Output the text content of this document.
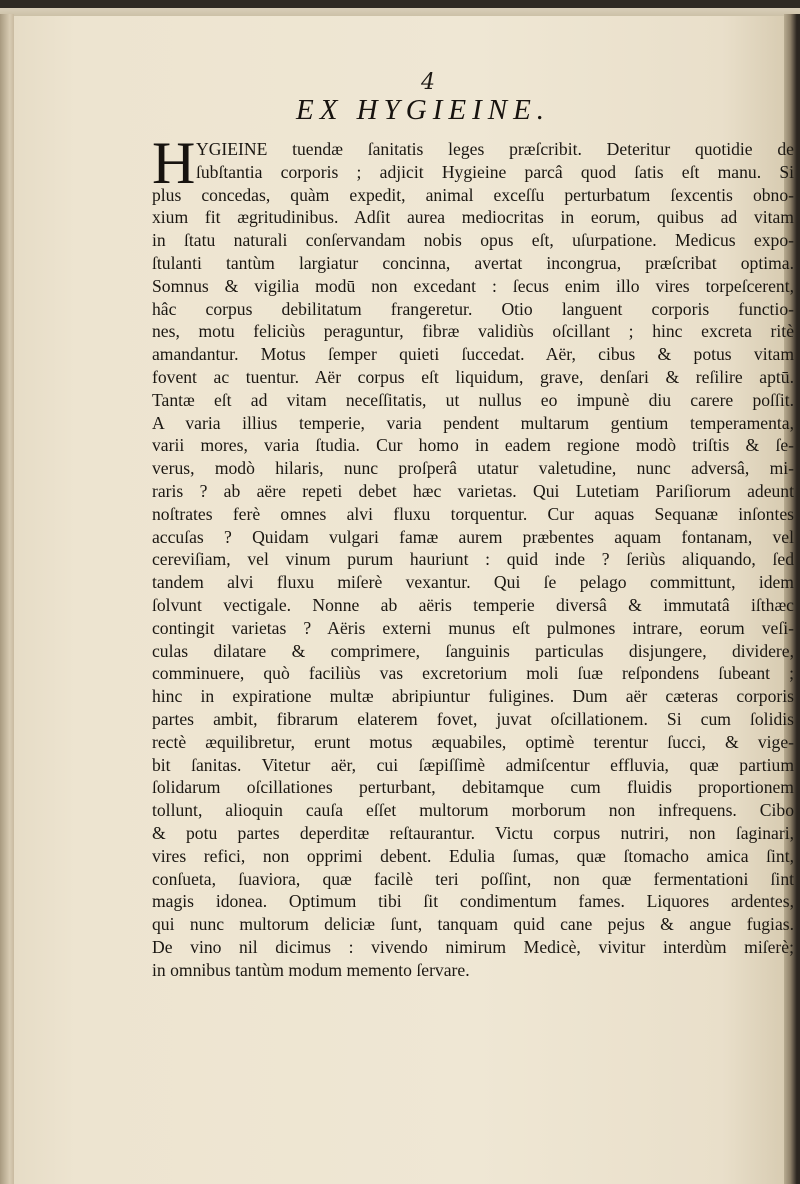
4
EX HYGIEINE.
H YGIEINE tuendæ ſanitatis leges præſcribit. Deteritur quotidie de
ſubſtantia corporis ; adjicit Hygieine parcâ quod ſatis eſt manu. Si
plus concedas, quàm expedit, animal exceſſu perturbatum ſexcentis obno-
xium fit ægritudinibus. Adſit aurea mediocritas in eorum, quibus ad vitam
in ſtatu naturali conſervandam nobis opus eſt, uſurpatione. Medicus expo-
ſtulanti tantùm largiatur concinna, avertat incongrua, præſcribat optima.
Somnus & vigilia modū non excedant : ſecus enim illo vires torpeſcerent,
hâc corpus debilitatum frangeretur. Otio languent corporis functio-
nes, motu feliciùs peraguntur, fibræ validiùs oſcillant ; hinc excreta ritè
amandantur. Motus ſemper quieti ſuccedat. Aër, cibus & potus vitam
fovent ac tuentur. Aër corpus eſt liquidum, grave, denſari & reſilire aptū.
Tantæ eſt ad vitam neceſſitatis, ut nullus eo impunè diu carere poſſit.
A varia illius temperie, varia pendent multarum gentium temperamenta,
varii mores, varia ſtudia. Cur homo in eadem regione modò triſtis & ſe-
verus, modò hilaris, nunc proſperâ utatur valetudine, nunc adversâ, mi-
raris ? ab aëre repeti debet hæc varietas. Qui Lutetiam Pariſiorum adeunt
noſtrates ferè omnes alvi fluxu torquentur. Cur aquas Sequanæ inſontes
accuſas ? Quidam vulgari famæ aurem præbentes aquam fontanam, vel
cereviſiam, vel vinum purum hauriunt : quid inde ? ſeriùs aliquando, ſed
tandem alvi fluxu miſerè vexantur. Qui ſe pelago committunt, idem
ſolvunt vectigale. Nonne ab aëris temperie diversâ & immutatâ iſthæc
contingit varietas ? Aëris externi munus eſt pulmones intrare, eorum veſi-
culas dilatare & comprimere, ſanguinis particulas disjungere, dividere,
comminuere, quò faciliùs vas excretorium moli ſuæ reſpondens ſubeant ;
hinc in expiratione multæ abripiuntur fuligines. Dum aër cæteras corporis
partes ambit, fibrarum elaterem fovet, juvat oſcillationem. Si cum ſolidis
rectè æquilibretur, erunt motus æquabiles, optimè terentur ſucci, & vige-
bit ſanitas. Vitetur aër, cui ſæpiſſimè admiſcentur effluvia, quæ partium
ſolidarum oſcillationes perturbant, debitamque cum fluidis proportionem
tollunt, alioquin cauſa eſſet multorum morborum non infrequens. Cibo
& potu partes deperditæ reſtaurantur. Victu corpus nutriri, non ſaginari,
vires refici, non opprimi debent. Edulia ſumas, quæ ſtomacho amica ſint,
conſueta, ſuaviora, quæ facilè teri poſſint, non quæ fermentationi ſint
magis idonea. Optimum tibi ſit condimentum fames. Liquores ardentes,
qui nunc multorum deliciæ ſunt, tanquam quid cane pejus & angue fugias.
De vino nil dicimus : vivendo nimirum Medicè, vivitur interdùm miſerè;
in omnibus tantùm modum memento ſervare.
